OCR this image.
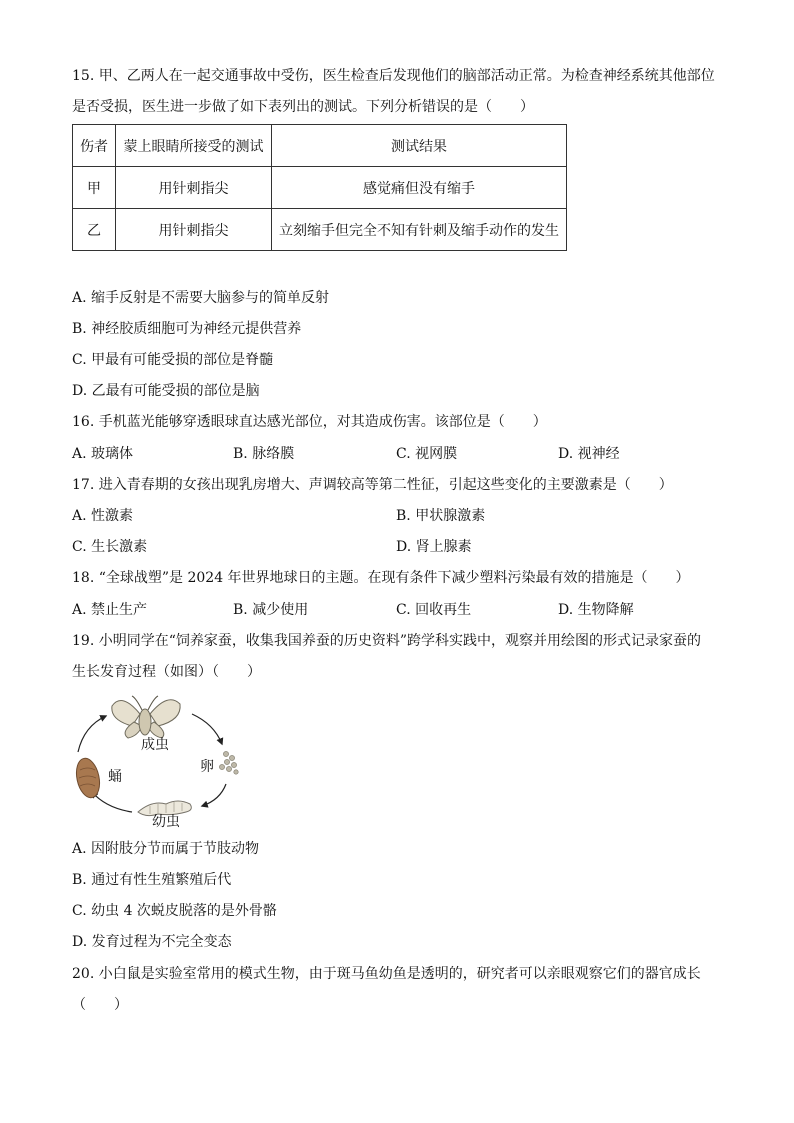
15. 甲、乙两人在一起交通事故中受伤，医生检查后发现他们的脑部活动正常。为检查神经系统其他部位
是否受损，医生进一步做了如下表列出的测试。下列分析错误的是（　　）
伤者	蒙上眼睛所接受的测试	测试结果
甲	用针刺指尖	感觉痛但没有缩手
乙	用针刺指尖	立刻缩手但完全不知有针刺及缩手动作的发生
A. 缩手反射是不需要大脑参与的简单反射
B. 神经胶质细胞可为神经元提供营养
C. 甲最有可能受损的部位是脊髓
D. 乙最有可能受损的部位是脑
16. 手机蓝光能够穿透眼球直达感光部位，对其造成伤害。该部位是（　　）
A. 玻璃体	B. 脉络膜	C. 视网膜	D. 视神经
17. 进入青春期的女孩出现乳房增大、声调较高等第二性征，引起这些变化的主要激素是（　　）
A. 性激素	B. 甲状腺激素
C. 生长激素	D. 肾上腺素
18. “全球战塑”是 2024 年世界地球日的主题。在现有条件下减少塑料污染最有效的措施是（　　）
A. 禁止生产	B. 减少使用	C. 回收再生	D. 生物降解
19. 小明同学在“饲养家蚕，收集我国养蚕的历史资料”跨学科实践中，观察并用绘图的形式记录家蚕的
生长发育过程（如图）（　　）
成虫
卵
蛹
幼虫
A. 因附肢分节而属于节肢动物
B. 通过有性生殖繁殖后代
C. 幼虫 4 次蜕皮脱落的是外骨骼
D. 发育过程为不完全变态
20. 小白鼠是实验室常用的模式生物，由于斑马鱼幼鱼是透明的，研究者可以亲眼观察它们的器官成长
（　　）
